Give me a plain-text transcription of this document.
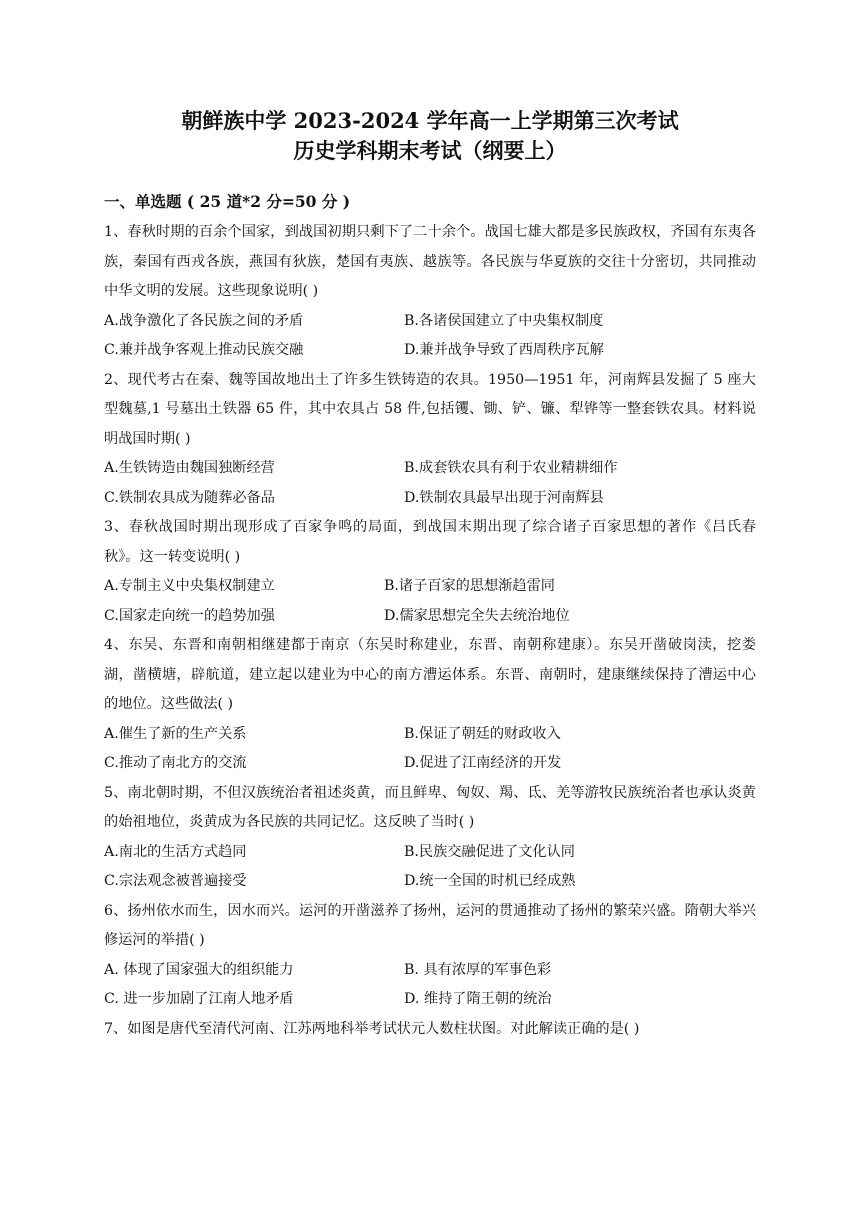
朝鲜族中学 2023-2024 学年高一上学期第三次考试
历史学科期末考试（纲要上）
一、单选题 ( 25 道*2 分=50 分 )

1、春秋时期的百余个国家，到战国初期只剩下了二十余个。战国七雄大都是多民族政权，齐国有东夷各族，秦国有西戎各族，燕国有狄族，楚国有夷族、越族等。各民族与华夏族的交往十分密切，共同推动中华文明的发展。这些现象说明( )

A.战争激化了各民族之间的矛盾	B.各诸侯国建立了中央集权制度
C.兼并战争客观上推动民族交融	D.兼并战争导致了西周秩序瓦解

2、现代考古在秦、魏等国故地出土了许多生铁铸造的农具。1950—1951 年，河南辉县发掘了 5 座大型魏墓,1 号墓出土铁器 65 件，其中农具占 58 件,包括䦆、锄、铲、镰、犁铧等一整套铁农具。材料说明战国时期( )

A.生铁铸造由魏国独断经营	B.成套铁农具有利于农业精耕细作
C.铁制农具成为随葬必备品	D.铁制农具最早出现于河南辉县

3、春秋战国时期出现形成了百家争鸣的局面，到战国末期出现了综合诸子百家思想的著作《吕氏春秋》。这一转变说明( )

A.专制主义中央集权制建立	B.诸子百家的思想渐趋雷同
C.国家走向统一的趋势加强	D.儒家思想完全失去统治地位

4、东吴、东晋和南朝相继建都于南京（东吴时称建业，东晋、南朝称建康）。东吴开凿破岗渎，挖娄湖，凿横塘，辟航道，建立起以建业为中心的南方漕运体系。东晋、南朝时，建康继续保持了漕运中心的地位。这些做法( )

A.催生了新的生产关系	B.保证了朝廷的财政收入
C.推动了南北方的交流	D.促进了江南经济的开发

5、南北朝时期，不但汉族统治者祖述炎黄，而且鲜卑、匈奴、羯、氐、羌等游牧民族统治者也承认炎黄的始祖地位，炎黄成为各民族的共同记忆。这反映了当时( )

A.南北的生活方式趋同	B.民族交融促进了文化认同
C.宗法观念被普遍接受	D.统一全国的时机已经成熟

6、扬州依水而生，因水而兴。运河的开凿滋养了扬州，运河的贯通推动了扬州的繁荣兴盛。隋朝大举兴修运河的举措( )

A. 体现了国家强大的组织能力	B. 具有浓厚的军事色彩
C. 进一步加剧了江南人地矛盾	D. 维持了隋王朝的统治

7、如图是唐代至清代河南、江苏两地科举考试状元人数柱状图。对此解读正确的是( )
